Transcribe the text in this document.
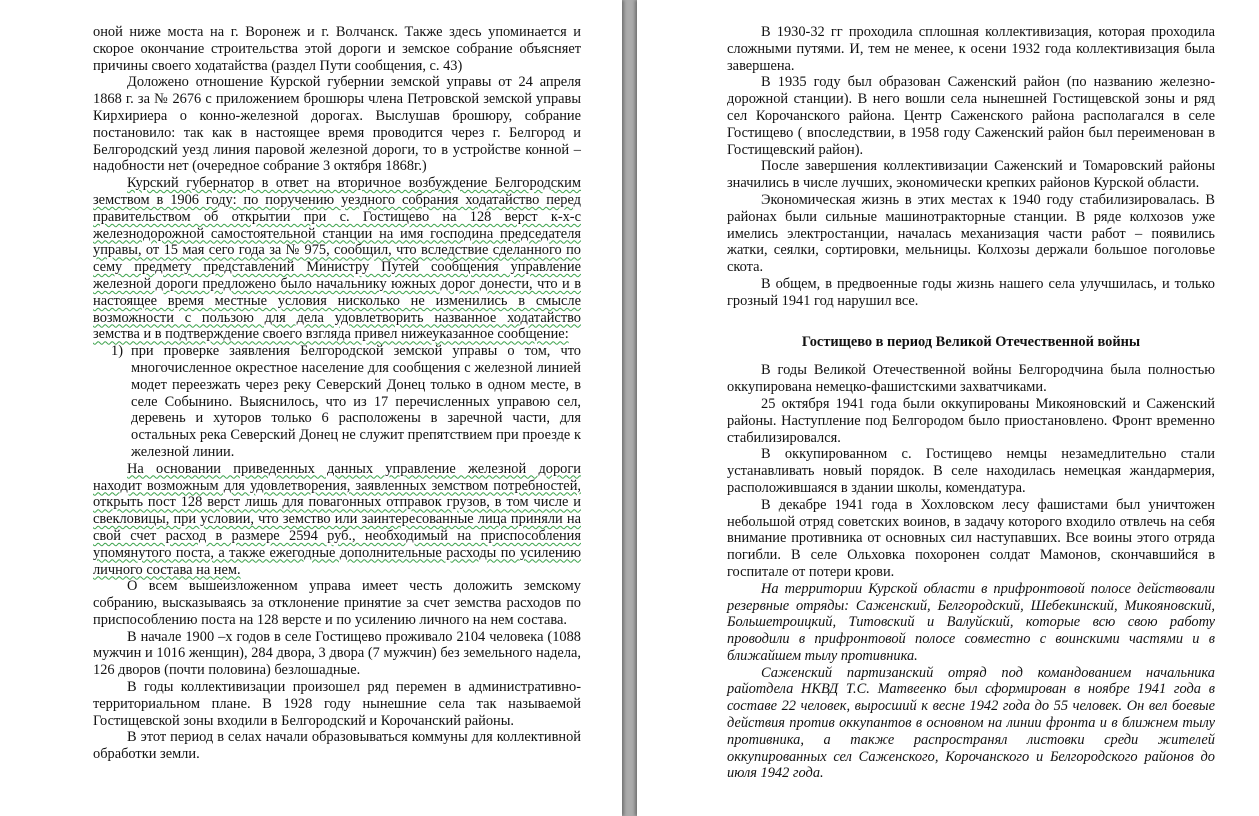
оной ниже моста на г. Воронеж и г. Волчанск. Также здесь упоминается и скорое окончание строительства этой дороги и земское собрание объясняет причины своего ходатайства (раздел Пути сообщения, с. 43)

Доложено отношение Курской губернии земской управы от 24 апреля 1868 г. за № 2676 с приложением брошюры члена Петровской земской управы Кирхириера о конно-железной дорогах. Выслушав брошюру, собрание постановило: так как в настоящее время проводится через г. Белгород и Белгородский уезд линия паровой железной дороги, то в устройстве конной – надобности нет (очередное собрание 3 октября 1868г.)

Курский губернатор в ответ на вторичное возбуждение Белгородским земством в 1906 году: по поручению уездного собрания ходатайство перед правительством об открытии при с. Гостищево на 128 верст к-х-с железнодорожной самостоятельной станции на имя господина председателя управы, от 15 мая сего года за № 975, сообщил, что вследствие сделанного по сему предмету представлений Министру Путей сообщения управление железной дороги предложено было начальнику южных дорог донести, что и в настоящее время местные условия нисколько не изменились в смысле возможности с пользою для дела удовлетворить названное ходатайство земства и в подтверждение своего взгляда привел нижеуказанное сообщение:

1) при проверке заявления Белгородской земской управы о том, что многочисленное окрестное население для сообщения с железной линией модет переезжать через реку Северский Донец только в одном месте, в селе Собынино. Выяснилось, что из 17 перечисленных управою сел, деревень и хуторов только 6 расположены в заречной части, для остальных река Северский Донец не служит препятствием при проезде к железной линии.

На основании приведенных данных управление железной дороги находит возможным для удовлетворения, заявленных земством потребностей, открыть пост 128 верст лишь для повагонных отправок грузов, в том числе и свекловицы, при условии, что земство или заинтересованные лица приняли на свой счет расход в размере 2594 руб., необходимый на приспособления упомянутого поста, а также ежегодные дополнительные расходы по усилению личного состава на нем.

О всем вышеизложенном управа имеет честь доложить земскому собранию, высказываясь за отклонение принятие за счет земства расходов по приспособлению поста на 128 версте и по усилению личного на нем состава.

В начале 1900 –х годов в селе Гостищево проживало 2104 человека (1088 мужчин и 1016 женщин), 284 двора, 3 двора (7 мужчин) без земельного надела, 126 дворов (почти половина) безлошадные.

В годы коллективизации произошел ряд перемен в административно-территориальном плане. В 1928 году нынешние села так называемой Гостищевской зоны входили в Белгородский и Корочанский районы.

В этот период в селах начали образовываться коммуны для коллективной обработки земли.

В 1930-32 гг проходила сплошная коллективизация, которая проходила сложными путями. И, тем не менее, к осени 1932 года коллективизация была завершена.

В 1935 году был образован Саженский район (по названию железно-дорожной станции). В него вошли села нынешней Гостищевской зоны и ряд сел Корочанского района. Центр Саженского района располагался в селе Гостищево ( впоследствии, в 1958 году Саженский район был переименован в Гостищевский район).

После завершения коллективизации Саженский и Томаровский районы значились в числе лучших, экономически крепких районов Курской области.

Экономическая жизнь в этих местах к 1940 году стабилизировалась. В районах были сильные машинотракторные станции. В ряде колхозов уже имелись электростанции, началась механизация части работ – появились жатки, сеялки, сортировки, мельницы. Колхозы держали большое поголовье скота.

В общем, в предвоенные годы жизнь нашего села улучшилась, и только грозный 1941 год нарушил все.

Гостищево в период Великой Отечественной войны

В годы Великой Отечественной войны Белгородчина была полностью оккупирована немецко-фашистскими захватчиками.

25 октября 1941 года были оккупированы Микояновский и Саженский районы. Наступление под Белгородом было приостановлено. Фронт временно стабилизировался.

В оккупированном с. Гостищево немцы незамедлительно стали устанавливать новый порядок. В селе находилась немецкая жандармерия, расположившаяся в здании школы, комендатура.

В декабре 1941 года в Хохловском лесу фашистами был уничтожен небольшой отряд советских воинов, в задачу которого входило отвлечь на себя внимание противника от основных сил наступавших. Все воины этого отряда погибли. В селе Ольховка похоронен солдат Мамонов, скончавшийся в госпитале от потери крови.

На территории Курской области в прифронтовой полосе действовали резервные отряды: Саженский, Белгородский, Шебекинский, Микояновский, Большетроицкий, Титовский и Валуйский, которые всю свою работу проводили в прифронтовой полосе совместно с воинскими частями и в ближайшем тылу противника.

Саженский партизанский отряд под командованием начальника райотдела НКВД Т.С. Матвеенко был сформирован в ноябре 1941 года в составе 22 человек, выросший к весне 1942 года до 55 человек. Он вел боевые действия против оккупантов в основном на линии фронта и в ближнем тылу противника, а также распространял листовки среди жителей оккупированных сел Саженского, Корочанского и Белгородского районов до июля 1942 года.
